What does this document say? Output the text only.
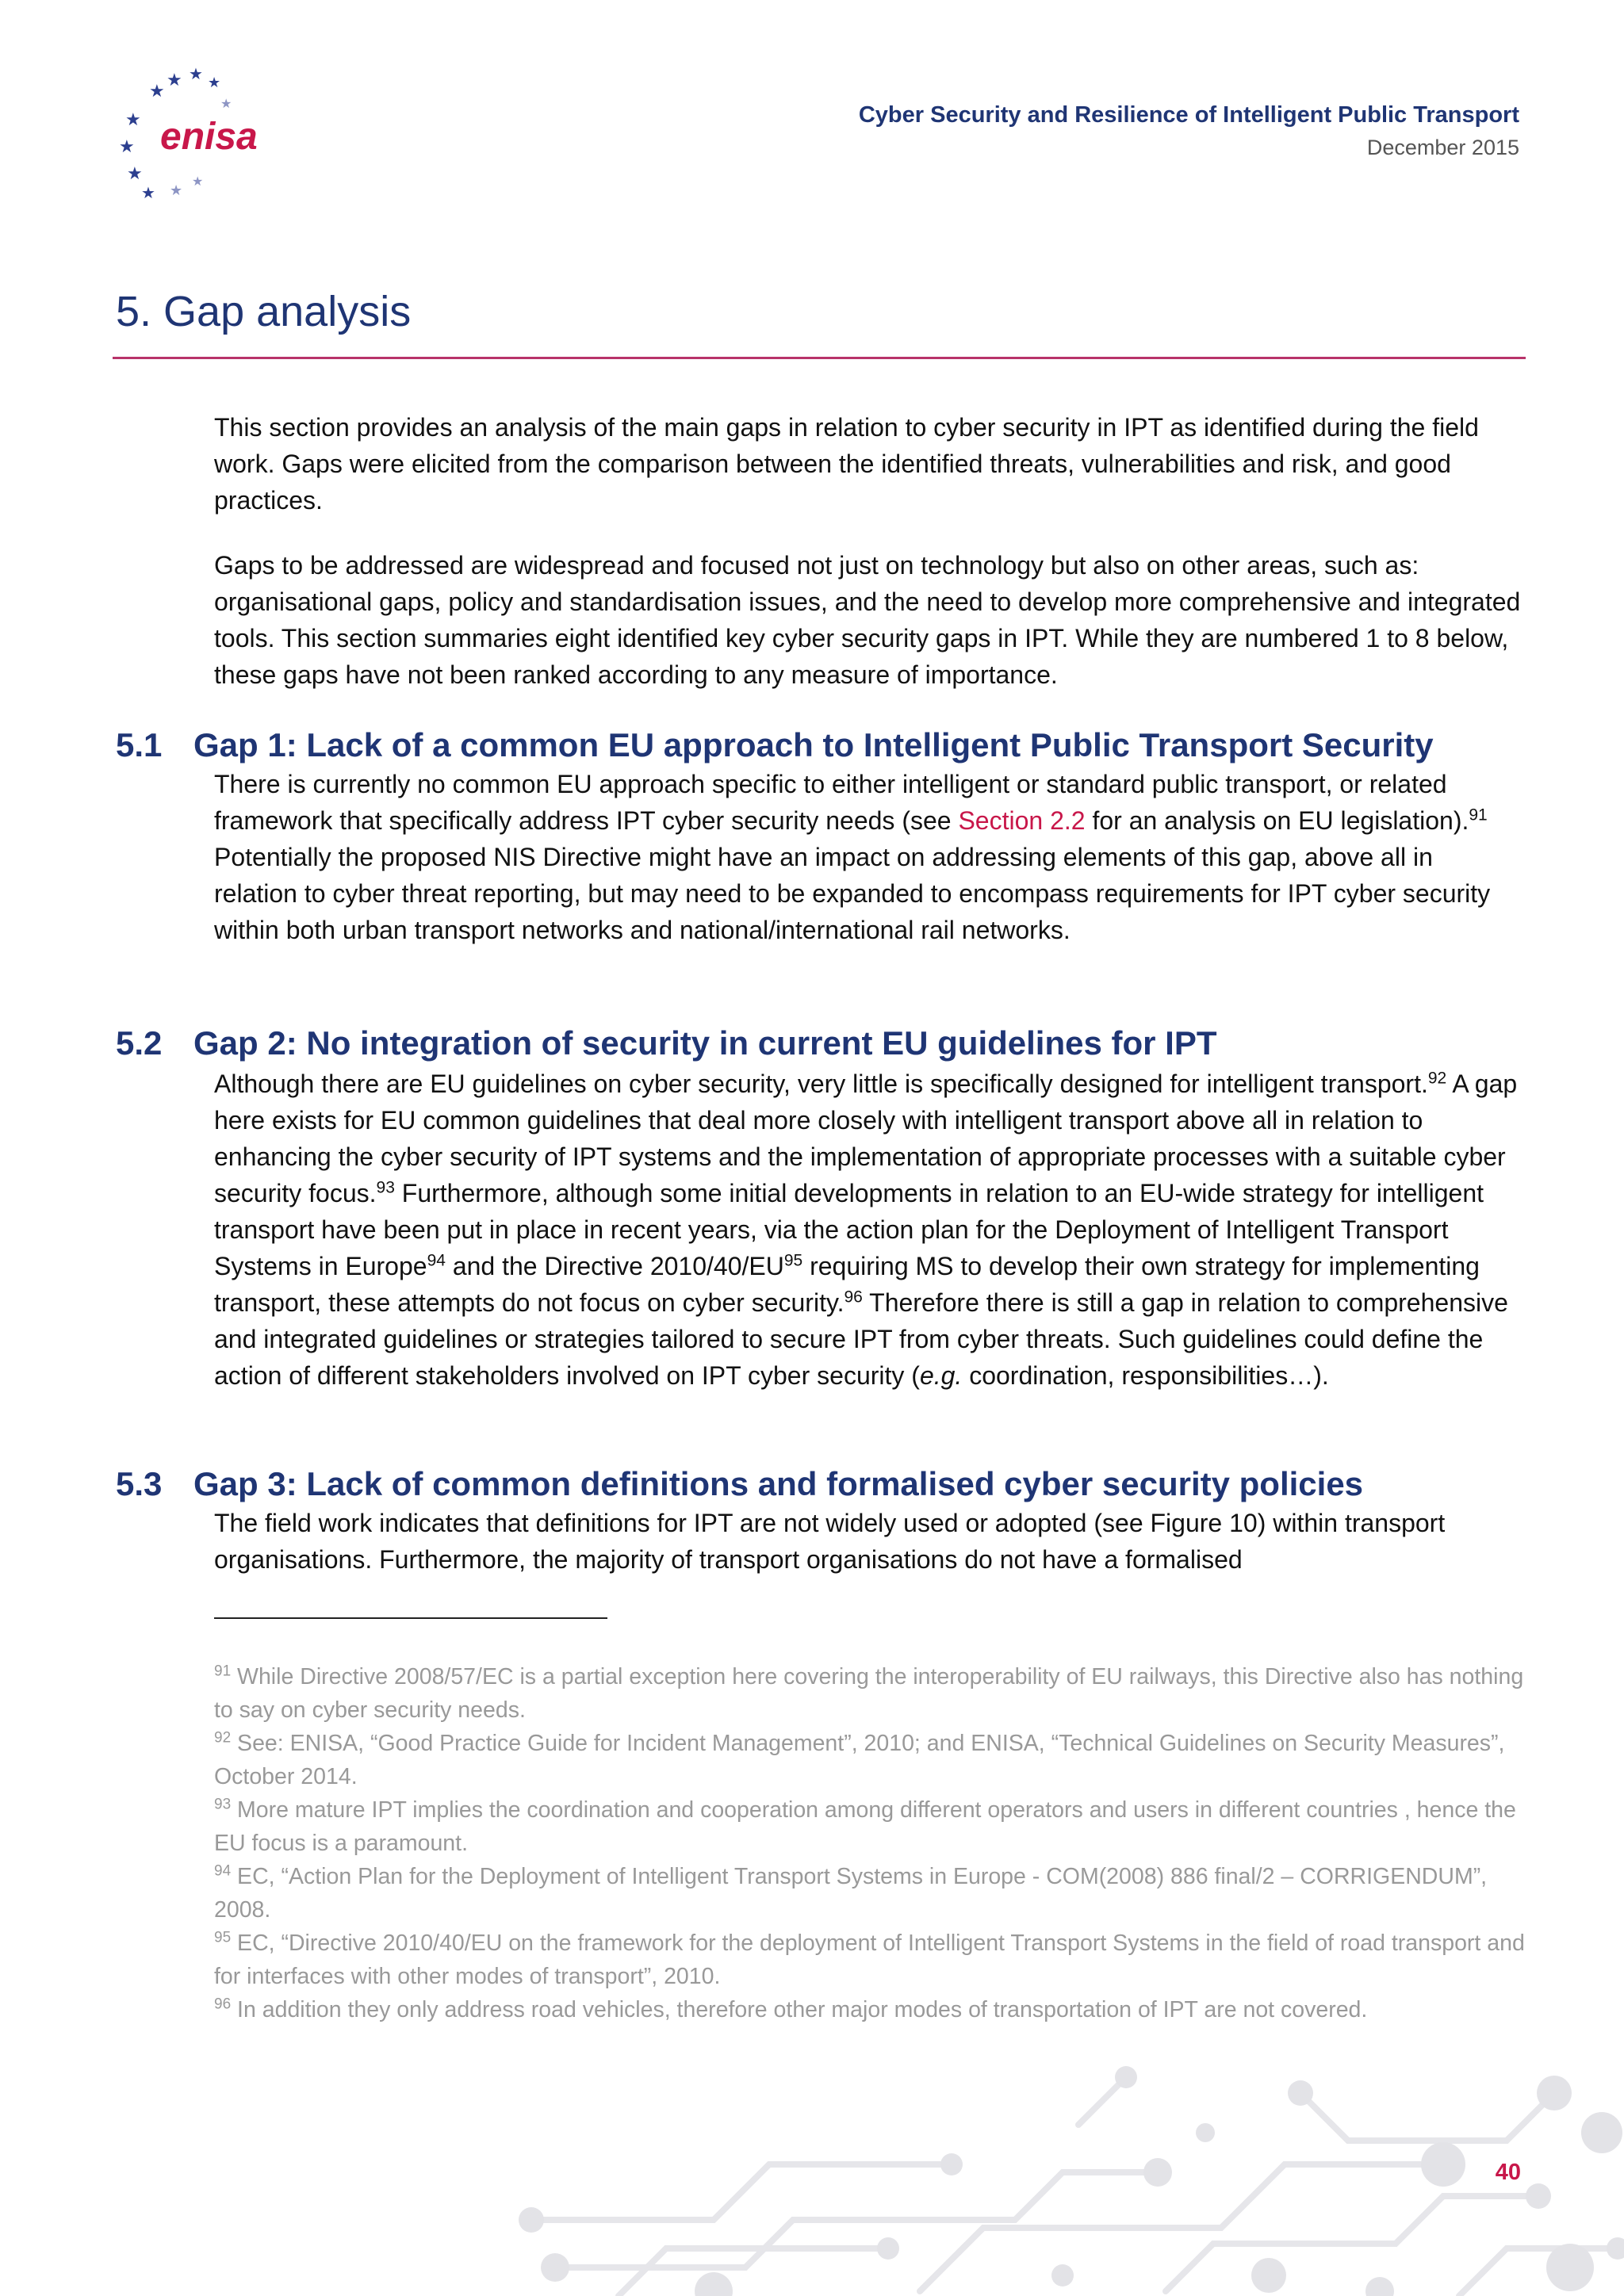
★ ★ ★
★
★
★
★
★ ★
★
★
enisa
Cyber Security and Resilience of Intelligent Public Transport
December 2015
5. Gap analysis

This section provides an analysis of the main gaps in relation to cyber security in IPT as identified during the field work. Gaps were elicited from the comparison between the identified threats, vulnerabilities and risk, and good practices.

Gaps to be addressed are widespread and focused not just on technology but also on other areas, such as: organisational gaps, policy and standardisation issues, and the need to develop more comprehensive and integrated tools. This section summaries eight identified key cyber security gaps in IPT. While they are numbered 1 to 8 below, these gaps have not been ranked according to any measure of importance.

5.1 Gap 1: Lack of a common EU approach to Intelligent Public Transport Security

There is currently no common EU approach specific to either intelligent or standard public transport, or related framework that specifically address IPT cyber security needs (see Section 2.2 for an analysis on EU legislation).$^{91}$ Potentially the proposed NIS Directive might have an impact on addressing elements of this gap, above all in relation to cyber threat reporting, but may need to be expanded to encompass requirements for IPT cyber security within both urban transport networks and national/international rail networks.

5.2 Gap 2: No integration of security in current EU guidelines for IPT

Although there are EU guidelines on cyber security, very little is specifically designed for intelligent transport.$^{92}$ A gap here exists for EU common guidelines that deal more closely with intelligent transport above all in relation to enhancing the cyber security of IPT systems and the implementation of appropriate processes with a suitable cyber security focus.$^{93}$ Furthermore, although some initial developments in relation to an EU-wide strategy for intelligent transport have been put in place in recent years, via the action plan for the Deployment of Intelligent Transport Systems in Europe$^{94}$ and the Directive 2010/40/EU$^{95}$ requiring MS to develop their own strategy for implementing transport, these attempts do not focus on cyber security.$^{96}$ Therefore there is still a gap in relation to comprehensive and integrated guidelines or strategies tailored to secure IPT from cyber threats. Such guidelines could define the action of different stakeholders involved on IPT cyber security (e.g. coordination, responsibilities…).

5.3 Gap 3: Lack of common definitions and formalised cyber security policies

The field work indicates that definitions for IPT are not widely used or adopted (see Figure 10) within transport organisations. Furthermore, the majority of transport organisations do not have a formalised

$^{91}$ While Directive 2008/57/EC is a partial exception here covering the interoperability of EU railways, this Directive also has nothing to say on cyber security needs.

$^{92}$ See: ENISA, “Good Practice Guide for Incident Management”, 2010; and ENISA, “Technical Guidelines on Security Measures”, October 2014.

$^{93}$ More mature IPT implies the coordination and cooperation among different operators and users in different countries , hence the EU focus is a paramount.

$^{94}$ EC, “Action Plan for the Deployment of Intelligent Transport Systems in Europe - COM(2008) 886 final/2 – CORRIGENDUM”, 2008.

$^{95}$ EC, “Directive 2010/40/EU on the framework for the deployment of Intelligent Transport Systems in the field of road transport and for interfaces with other modes of transport”, 2010.

$^{96}$ In addition they only address road vehicles, therefore other major modes of transportation of IPT are not covered.

40
